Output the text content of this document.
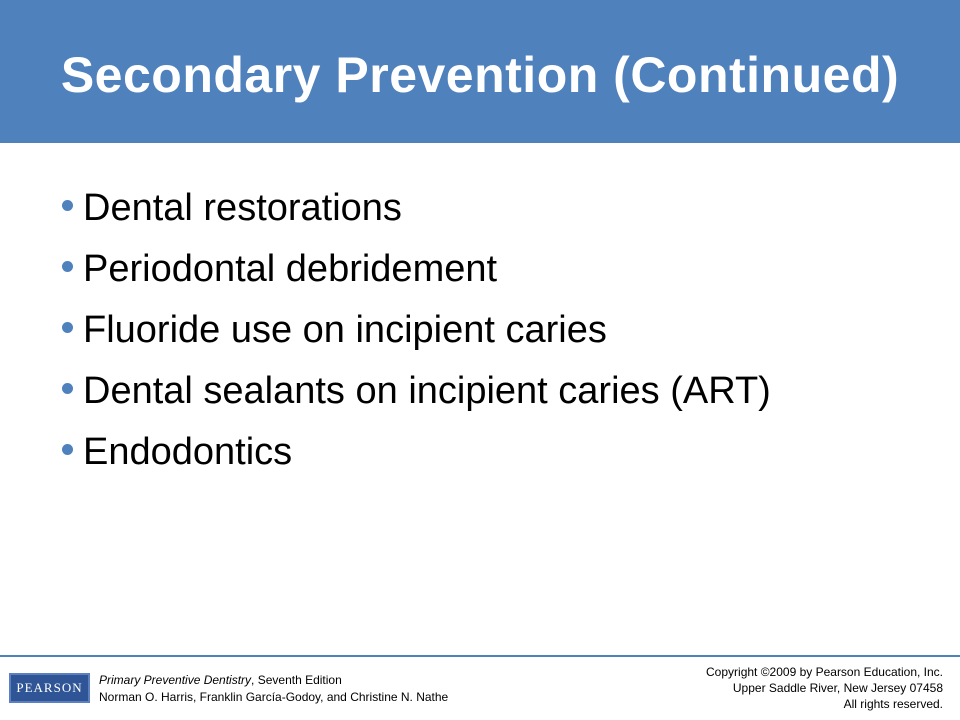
Secondary Prevention (Continued)
Dental restorations
Periodontal debridement
Fluoride use on incipient caries
Dental sealants on incipient caries (ART)
Endodontics
PEARSON Primary Preventive Dentistry, Seventh Edition
Norman O. Harris, Franklin García-Godoy, and Christine N. Nathe
Copyright ©2009 by Pearson Education, Inc.
Upper Saddle River, New Jersey 07458
All rights reserved.
